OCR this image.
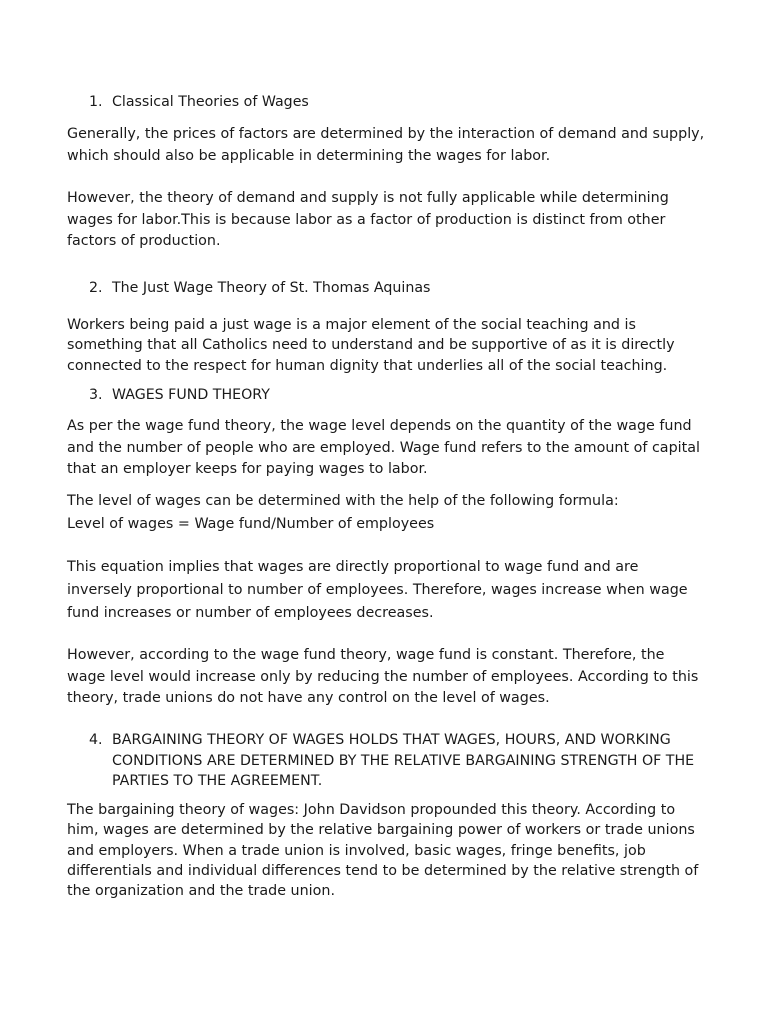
1. Classical Theories of Wages

Generally, the prices of factors are determined by the interaction of demand and supply, which should also be applicable in determining the wages for labor.

However, the theory of demand and supply is not fully applicable while determining wages for labor.This is because labor as a factor of production is distinct from other factors of production.

2. The Just Wage Theory of St. Thomas Aquinas

Workers being paid a just wage is a major element of the social teaching and is something that all Catholics need to understand and be supportive of as it is directly connected to the respect for human dignity that underlies all of the social teaching.

3. WAGES FUND THEORY

As per the wage fund theory, the wage level depends on the quantity of the wage fund and the number of people who are employed. Wage fund refers to the amount of capital that an employer keeps for paying wages to labor.

The level of wages can be determined with the help of the following formula:

Level of wages = Wage fund/Number of employees

This equation implies that wages are directly proportional to wage fund and are inversely proportional to number of employees. Therefore, wages increase when wage fund increases or number of employees decreases.

However, according to the wage fund theory, wage fund is constant. Therefore, the wage level would increase only by reducing the number of employees. According to this theory, trade unions do not have any control on the level of wages.

4. BARGAINING THEORY OF WAGES HOLDS THAT WAGES, HOURS, AND WORKING CONDITIONS ARE DETERMINED BY THE RELATIVE BARGAINING STRENGTH OF THE PARTIES TO THE AGREEMENT.

The bargaining theory of wages: John Davidson propounded this theory. According to him, wages are determined by the relative bargaining power of workers or trade unions and employers. When a trade union is involved, basic wages, fringe benefits, job differentials and individual differences tend to be determined by the relative strength of the organization and the trade union.
